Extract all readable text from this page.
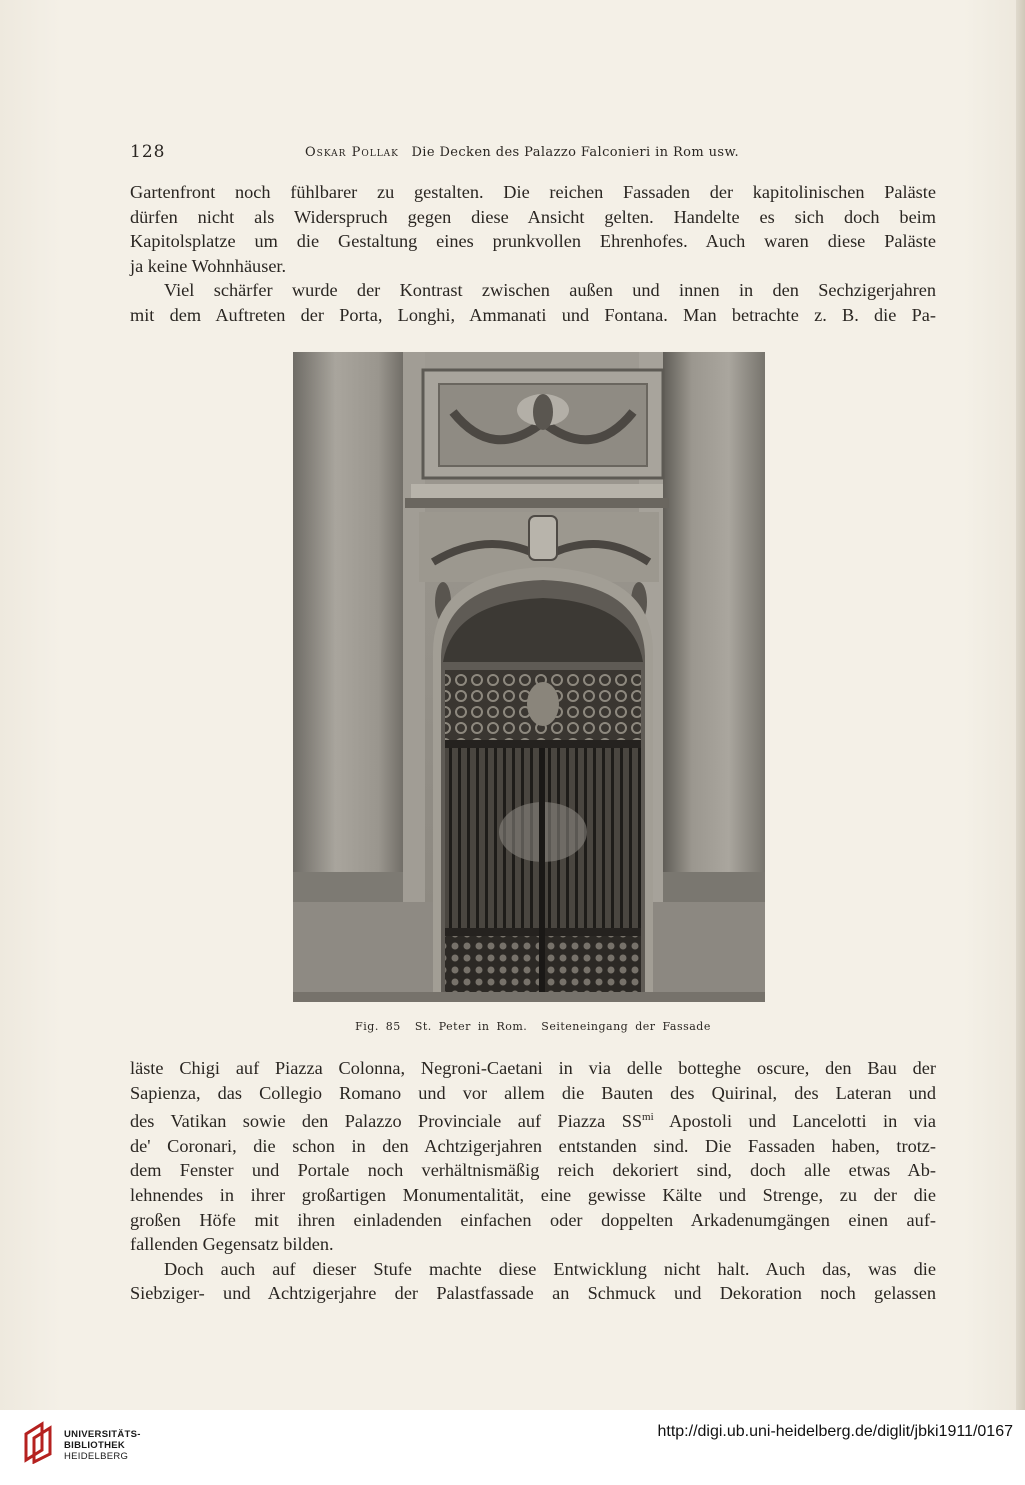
128	Oskar Pollak Die Decken des Palazzo Falconieri in Rom usw.
Gartenfront noch fühlbarer zu gestalten. Die reichen Fassaden der kapitolinischen Paläste
dürfen nicht als Widerspruch gegen diese Ansicht gelten. Handelte es sich doch beim
Kapitolsplatze um die Gestaltung eines prunkvollen Ehrenhofes. Auch waren diese Paläste
ja keine Wohnhäuser.
Viel schärfer wurde der Kontrast zwischen außen und innen in den Sechzigerjahren
mit dem Auftreten der Porta, Longhi, Ammanati und Fontana. Man betrachte z. B. die Pa-
Fig. 85 St. Peter in Rom. Seiteneingang der Fassade
läste Chigi auf Piazza Colonna, Negroni-Caetani in via delle botteghe oscure, den Bau der
Sapienza, das Collegio Romano und vor allem die Bauten des Quirinal, des Lateran und
des Vatikan sowie den Palazzo Provinciale auf Piazza $SS^{mi}$ Apostoli und Lancelotti in via
de' Coronari, die schon in den Achtzigerjahren entstanden sind. Die Fassaden haben, trotz-
dem Fenster und Portale noch verhältnismäßig reich dekoriert sind, doch alle etwas Ab-
lehnendes in ihrer großartigen Monumentalität, eine gewisse Kälte und Strenge, zu der die
großen Höfe mit ihren einladenden einfachen oder doppelten Arkadenumgängen einen auf-
fallenden Gegensatz bilden.
Doch auch auf dieser Stufe machte diese Entwicklung nicht halt. Auch das, was die
Siebziger- und Achtzigerjahre der Palastfassade an Schmuck und Dekoration noch gelassen
UNIVERSITÄTS-
BIBLIOTHEK
HEIDELBERG
http://digi.ub.uni-heidelberg.de/diglit/jbki1911/0167
